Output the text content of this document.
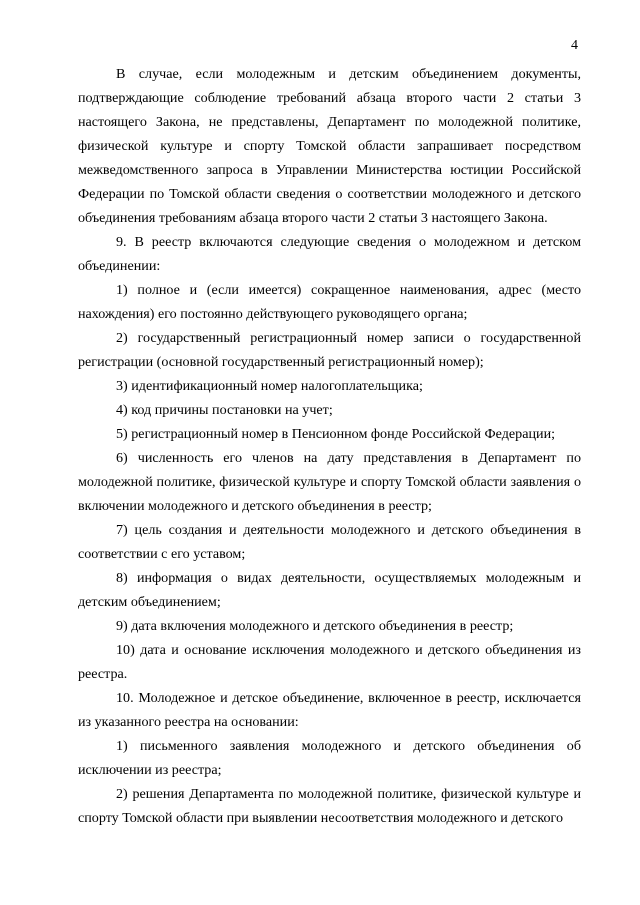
4

В случае, если молодежным и детским объединением документы, подтверждающие соблюдение требований абзаца второго части 2 статьи 3 настоящего Закона, не представлены, Департамент по молодежной политике, физической культуре и спорту Томской области запрашивает посредством межведомственного запроса в Управлении Министерства юстиции Российской Федерации по Томской области сведения о соответствии молодежного и детского объединения требованиям абзаца второго части 2 статьи 3 настоящего Закона.

9. В реестр включаются следующие сведения о молодежном и детском объединении:

1) полное и (если имеется) сокращенное наименования, адрес (место нахождения) его постоянно действующего руководящего органа;

2) государственный регистрационный номер записи о государственной регистрации (основной государственный регистрационный номер);

3) идентификационный номер налогоплательщика;

4) код причины постановки на учет;

5) регистрационный номер в Пенсионном фонде Российской Федерации;

6) численность его членов на дату представления в Департамент по молодежной политике, физической культуре и спорту Томской области заявления о включении молодежного и детского объединения в реестр;

7) цель создания и деятельности молодежного и детского объединения в соответствии с его уставом;

8) информация о видах деятельности, осуществляемых молодежным и детским объединением;

9) дата включения молодежного и детского объединения в реестр;

10) дата и основание исключения молодежного и детского объединения из реестра.

10. Молодежное и детское объединение, включенное в реестр, исключается из указанного реестра на основании:

1) письменного заявления молодежного и детского объединения об исключении из реестра;

2) решения Департамента по молодежной политике, физической культуре и спорту Томской области при выявлении несоответствия молодежного и детского
